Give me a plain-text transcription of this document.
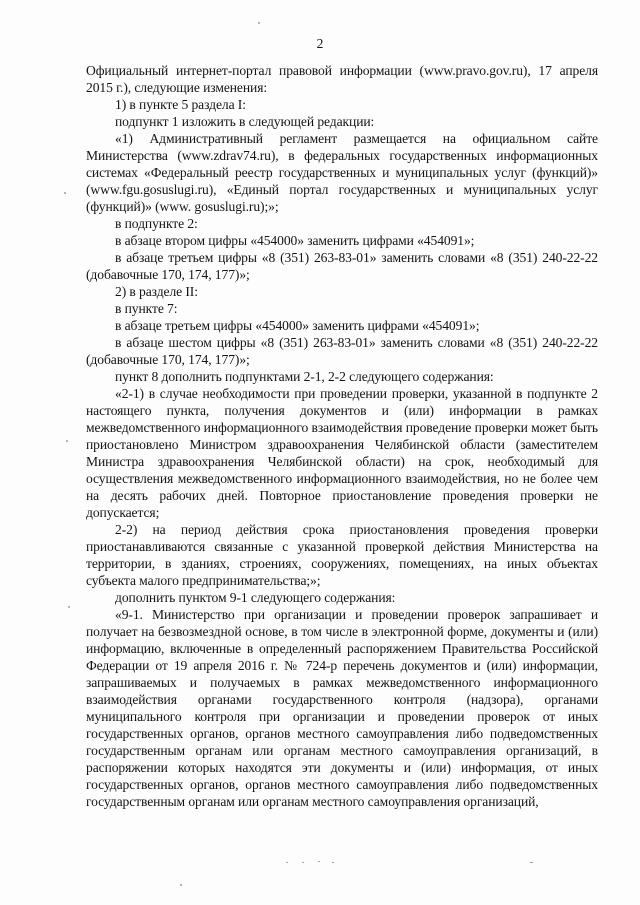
2

Официальный интернет-портал правовой информации (www.pravo.gov.ru), 17 апреля 2015 г.), следующие изменения:

1) в пункте 5 раздела I:

подпункт 1 изложить в следующей редакции:

«1) Административный регламент размещается на официальном сайте Министерства (www.zdrav74.ru), в федеральных государственных информационных системах «Федеральный реестр государственных и муниципальных услуг (функций)» (www.fgu.gosuslugi.ru), «Единый портал государственных и муниципальных услуг (функций)» (www. gosuslugi.ru);»;

в подпункте 2:

в абзаце втором цифры «454000» заменить цифрами «454091»;

в абзаце третьем цифры «8 (351) 263-83-01» заменить словами «8 (351) 240-22-22 (добавочные 170, 174, 177)»;

2) в разделе II:

в пункте 7:

в абзаце третьем цифры «454000» заменить цифрами «454091»;

в абзаце шестом цифры «8 (351) 263-83-01» заменить словами «8 (351) 240-22-22 (добавочные 170, 174, 177)»;

пункт 8 дополнить подпунктами 2-1, 2-2 следующего содержания:

«2-1) в случае необходимости при проведении проверки, указанной в подпункте 2 настоящего пункта, получения документов и (или) информации в рамках межведомственного информационного взаимодействия проведение проверки может быть приостановлено Министром здравоохранения Челябинской области (заместителем Министра здравоохранения Челябинской области) на срок, необходимый для осуществления межведомственного информационного взаимодействия, но не более чем на десять рабочих дней. Повторное приостановление проведения проверки не допускается;

2-2) на период действия срока приостановления проведения проверки приостанавливаются связанные с указанной проверкой действия Министерства на территории, в зданиях, строениях, сооружениях, помещениях, на иных объектах субъекта малого предпринимательства;»;

дополнить пунктом 9-1 следующего содержания:

«9-1. Министерство при организации и проведении проверок запрашивает и получает на безвозмездной основе, в том числе в электронной форме, документы и (или) информацию, включенные в определенный распоряжением Правительства Российской Федерации от 19 апреля 2016 г. № 724-р перечень документов и (или) информации, запрашиваемых и получаемых в рамках межведомственного информационного взаимодействия органами государственного контроля (надзора), органами муниципального контроля при организации и проведении проверок от иных государственных органов, органов местного самоуправления либо подведомственных государственным органам или органам местного самоуправления организаций, в распоряжении которых находятся эти документы и (или) информация, от иных государственных органов, органов местного самоуправления либо подведомственных государственным органам или органам местного самоуправления организаций,
